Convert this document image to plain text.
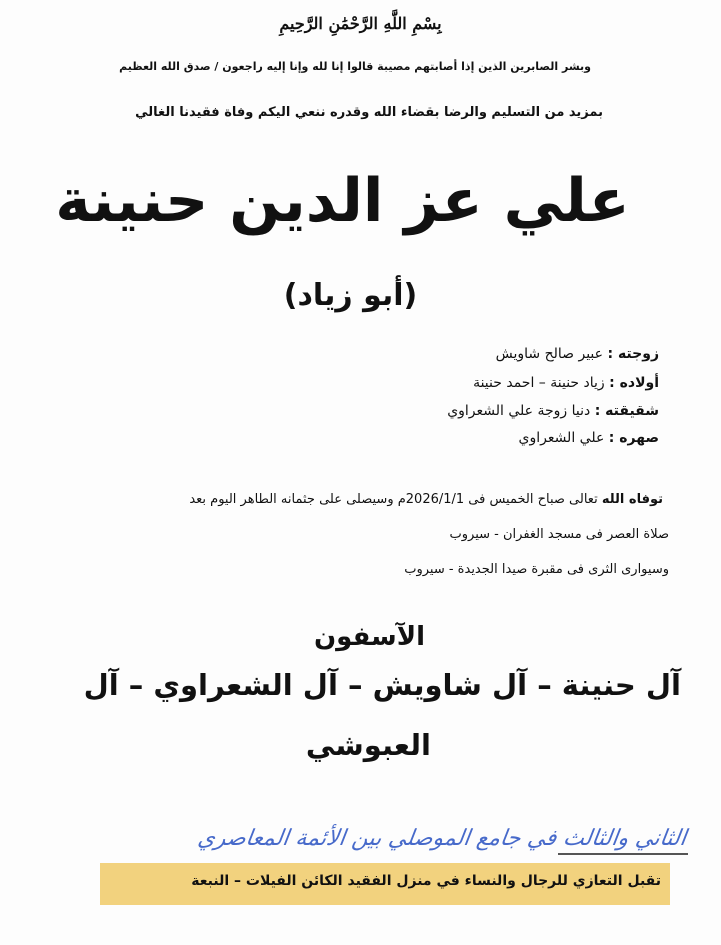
بِسْمِ اللَّهِ الرَّحْمَٰنِ الرَّحِيمِ

وبشر الصابرين الذين إذا أصابتهم مصيبة قالوا إنا لله وإنا إليه راجعون / صدق الله العظيم

بمزيد من التسليم والرضا بقضاء الله وقدره ننعي اليكم وفاة فقيدنا الغالي

علي عز الدين حنينة

(أبو زياد)

زوجته : عبير صالح شاويش
أولاده : زياد حنينة – احمد حنينة
شقيقته : دنيا زوجة علي الشعراوي
صهره : علي الشعراوي

توفاه الله تعالى صباح الخميس فى 2026/1/1م وسيصلى على جثمانه الطاهر اليوم بعد

صلاة العصر فى مسجد الغفران - سيروب

وسيوارى الثرى فى مقبرة صيدا الجديدة - سيروب

الآسفون

آل حنينة – آل شاويش – آل الشعراوي – آل

العبوشي

الثاني والثالث في جامع الموصلي بين الأئمة المعاصري

تقبل التعازي للرجال والنساء في منزل الفقيد الكائن الفيلات – النبعة
